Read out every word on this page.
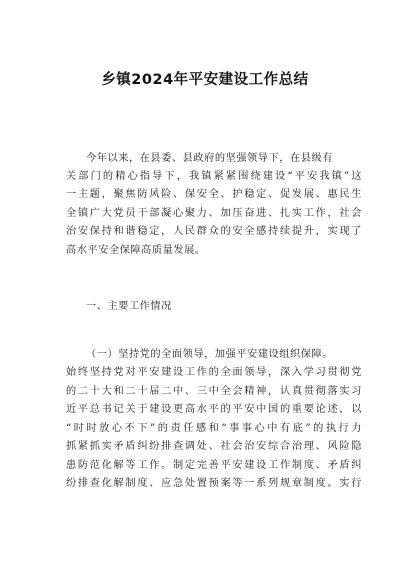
乡镇2024年平安建设工作总结
今年以来，在县委、县政府的坚强领导下，在县级有
关部门的精心指导下，我镇紧紧围绕建设“平安我镇”这
一主题，聚焦防风险、保安全、护稳定、促发展、惠民生
全镇广大党员干部凝心聚力、加压奋进、扎实工作，社会
治安保持和谐稳定，人民群众的安全感持续提升，实现了
高水平安全保障高质量发展。
一、主要工作情况
（一）坚持党的全面领导，加强平安建设组织保障。
始终坚持党对平安建设工作的全面领导，深入学习贯彻党
的二十大和二十届二中、三中全会精神，认真贯彻落实习
近平总书记关于建设更高水平的平安中国的重要论述，以
“时时放心不下”的责任感和“事事心中有底”的执行力
抓紧抓实矛盾纠纷排查调处、社会治安综合治理、风险隐
患防范化解等工作。制定完善平安建设工作制度、矛盾纠
纷排查化解制度、应急处置预案等一系列规章制度。实行
